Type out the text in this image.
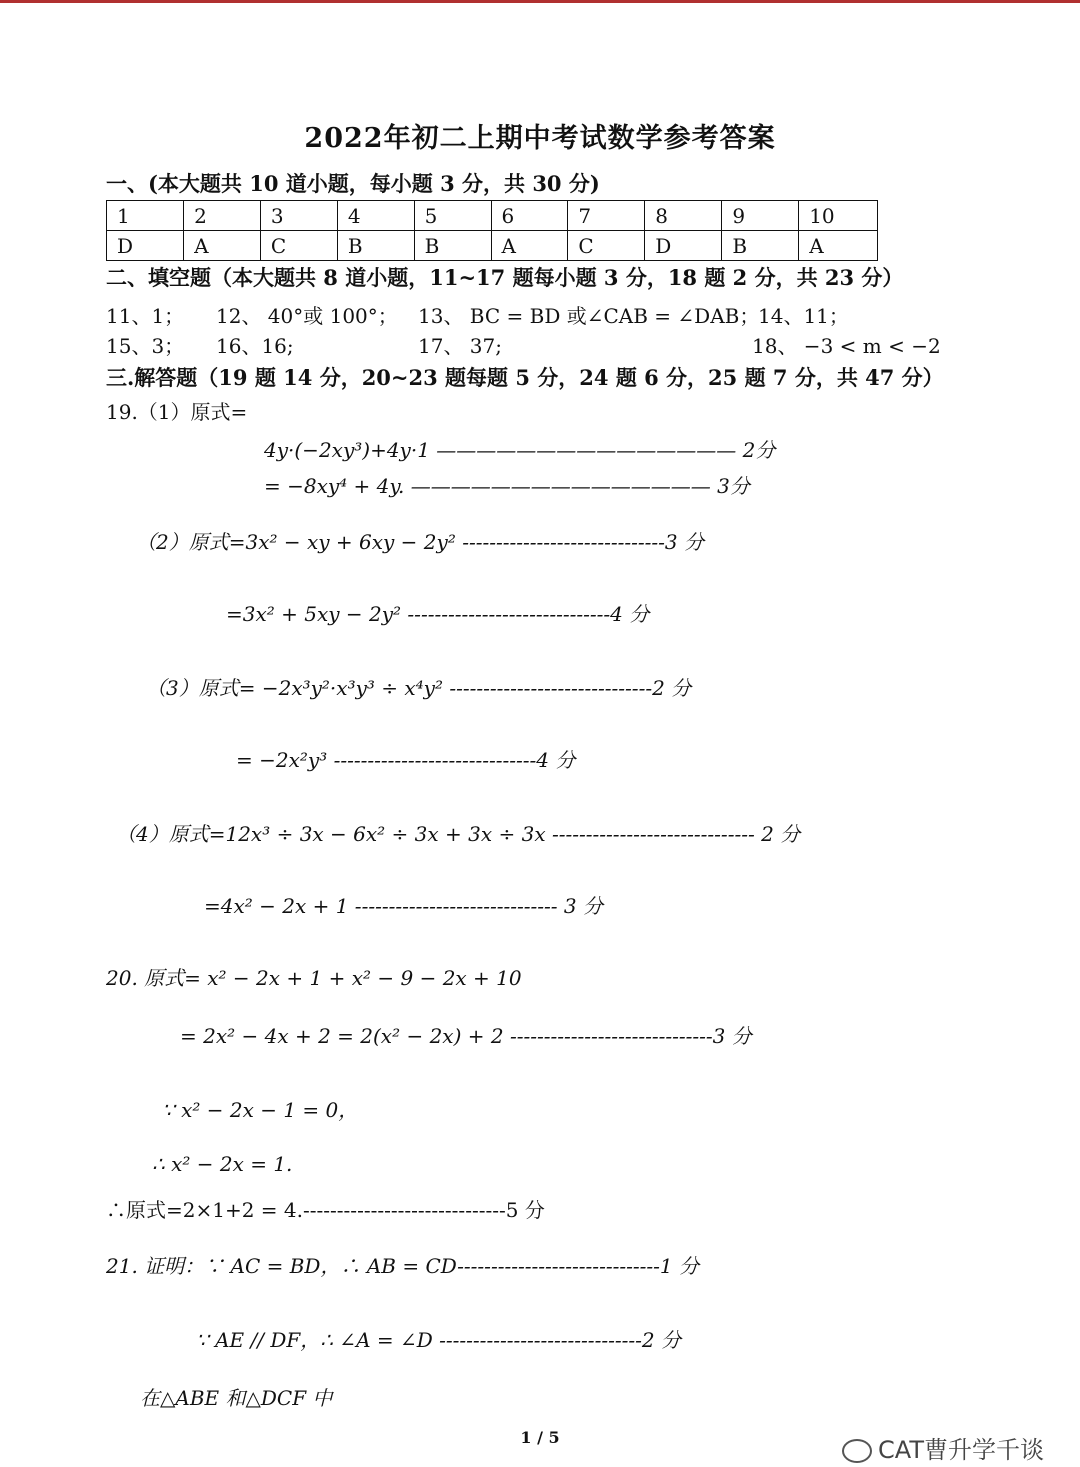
2022年初二上期中考试数学参考答案
一、(本大题共 10 道小题，每小题 3 分，共 30 分)
1	2	3	4	5	6	7	8	9	10
D	A	C	B	B	A	C	D	B	A
二、填空题（本大题共 8 道小题，11~17 题每小题 3 分，18 题 2 分，共 23 分）
11、1； 12、 40°或 100°； 13、 BC = BD 或∠CAB = ∠DAB；
14、11；
15、3； 16、16;	17、 37;	18、 −3 < m < −2
三.解答题（19 题 14 分，20~23 题每题 5 分，24 题 6 分，25 题 7 分，共 47 分）
19.（1）原式=
4y·(−2xy³)+4y·1 ——————————————— 2分
= −8xy⁴ + 4y. ——————————————— 3分
（2）原式=3x² − xy + 6xy − 2y² ------------------------------3 分
=3x² + 5xy − 2y² ------------------------------4 分
（3）原式= −2x³y²·x³y³ ÷ x⁴y² ------------------------------2 分
= −2x²y³ ------------------------------4 分
（4）原式=12x³ ÷ 3x − 6x² ÷ 3x + 3x ÷ 3x ------------------------------ 2 分
=4x² − 2x + 1 ------------------------------ 3 分
20. 原式= x² − 2x + 1 + x² − 9 − 2x + 10
= 2x² − 4x + 2 = 2(x² − 2x) + 2 ------------------------------3 分
∵ x² − 2x − 1 = 0，
∴ x² − 2x = 1.
∴原式=2×1+2 = 4.------------------------------5 分
21. 证明：∵ AC = BD，∴ AB = CD------------------------------1 分
∵ AE // DF，∴ ∠A = ∠D ------------------------------2 分
在△ABE 和△DCF 中
1 / 5	CAT曹升学千谈
